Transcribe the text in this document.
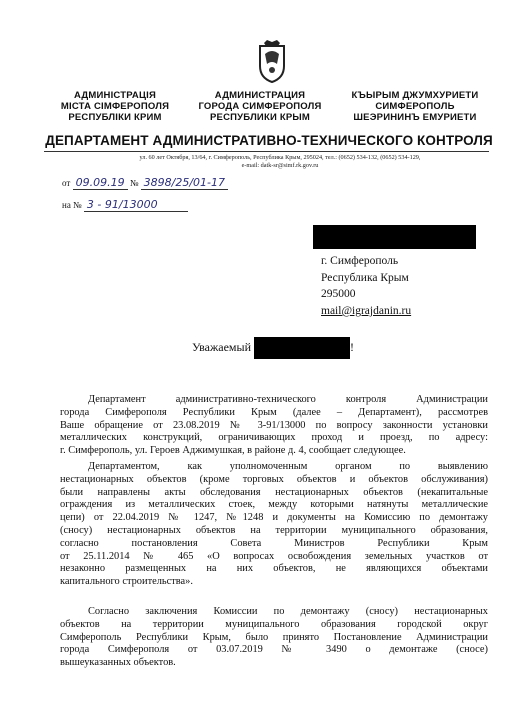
АДМИНІСТРАЦІЯ
МІСТА СІМФЕРОПОЛЯ
РЕСПУБЛІКИ КРИМ
АДМИНИСТРАЦИЯ
ГОРОДА СИМФЕРОПОЛЯ
РЕСПУБЛИКИ КРЫМ
КЪЫРЫМ ДЖУМХУРИЕТИ
СИМФЕРОПОЛЬ
ШЕЭРИНИНЪ ЕМУРИЕТИ
ДЕПАРТАМЕНТ АДМИНИСТРАТИВНО-ТЕХНИЧЕСКОГО КОНТРОЛЯ
ул. 60 лет Октября, 13/64, г. Симферополь, Республика Крым, 295024, тел.: (0652) 534-132, (0652) 534-129,
e-mail: datk-sr@simf.rk.gov.ru
от 09.09.19 № 3898/25/01-17
на № 3 - 91/13000
г. Симферополь
Республика Крым
295000
mail@igrajdanin.ru
Уважаемый	!
Департамент административно-технического контроля Администрации
города Симферополя Республики Крым (далее – Департамент), рассмотрев
Ваше обращение от 23.08.2019 № 3-91/13000 по вопросу законности установки
металлических конструкций, ограничивающих проход и проезд, по адресу:
г. Симферополь, ул. Героев Аджимушкая, в районе д. 4, сообщает следующее.
Департаментом, как уполномоченным органом по выявлению
нестационарных объектов (кроме торговых объектов и объектов обслуживания)
были направлены акты обследования нестационарных объектов (некапитальные
ограждения из металлических стоек, между которыми натянуты металлические
цепи) от 22.04.2019 № 1247, №1248 и документы на Комиссию по демонтажу
(сносу) нестационарных объектов на территории муниципального образования,
согласно постановления Совета Министров Республики Крым
от 25.11.2014 № 465 «О вопросах освобождения земельных участков от
незаконно размещенных на них объектов, не являющихся объектами
капитального строительства».
Согласно заключения Комиссии по демонтажу (сносу) нестационарных
объектов на территории муниципального образования городской округ
Симферополь Республики Крым, было принято Постановление Администрации
города Симферополя от 03.07.2019 № 3490 о демонтаже (сносе)
вышеуказанных объектов.
